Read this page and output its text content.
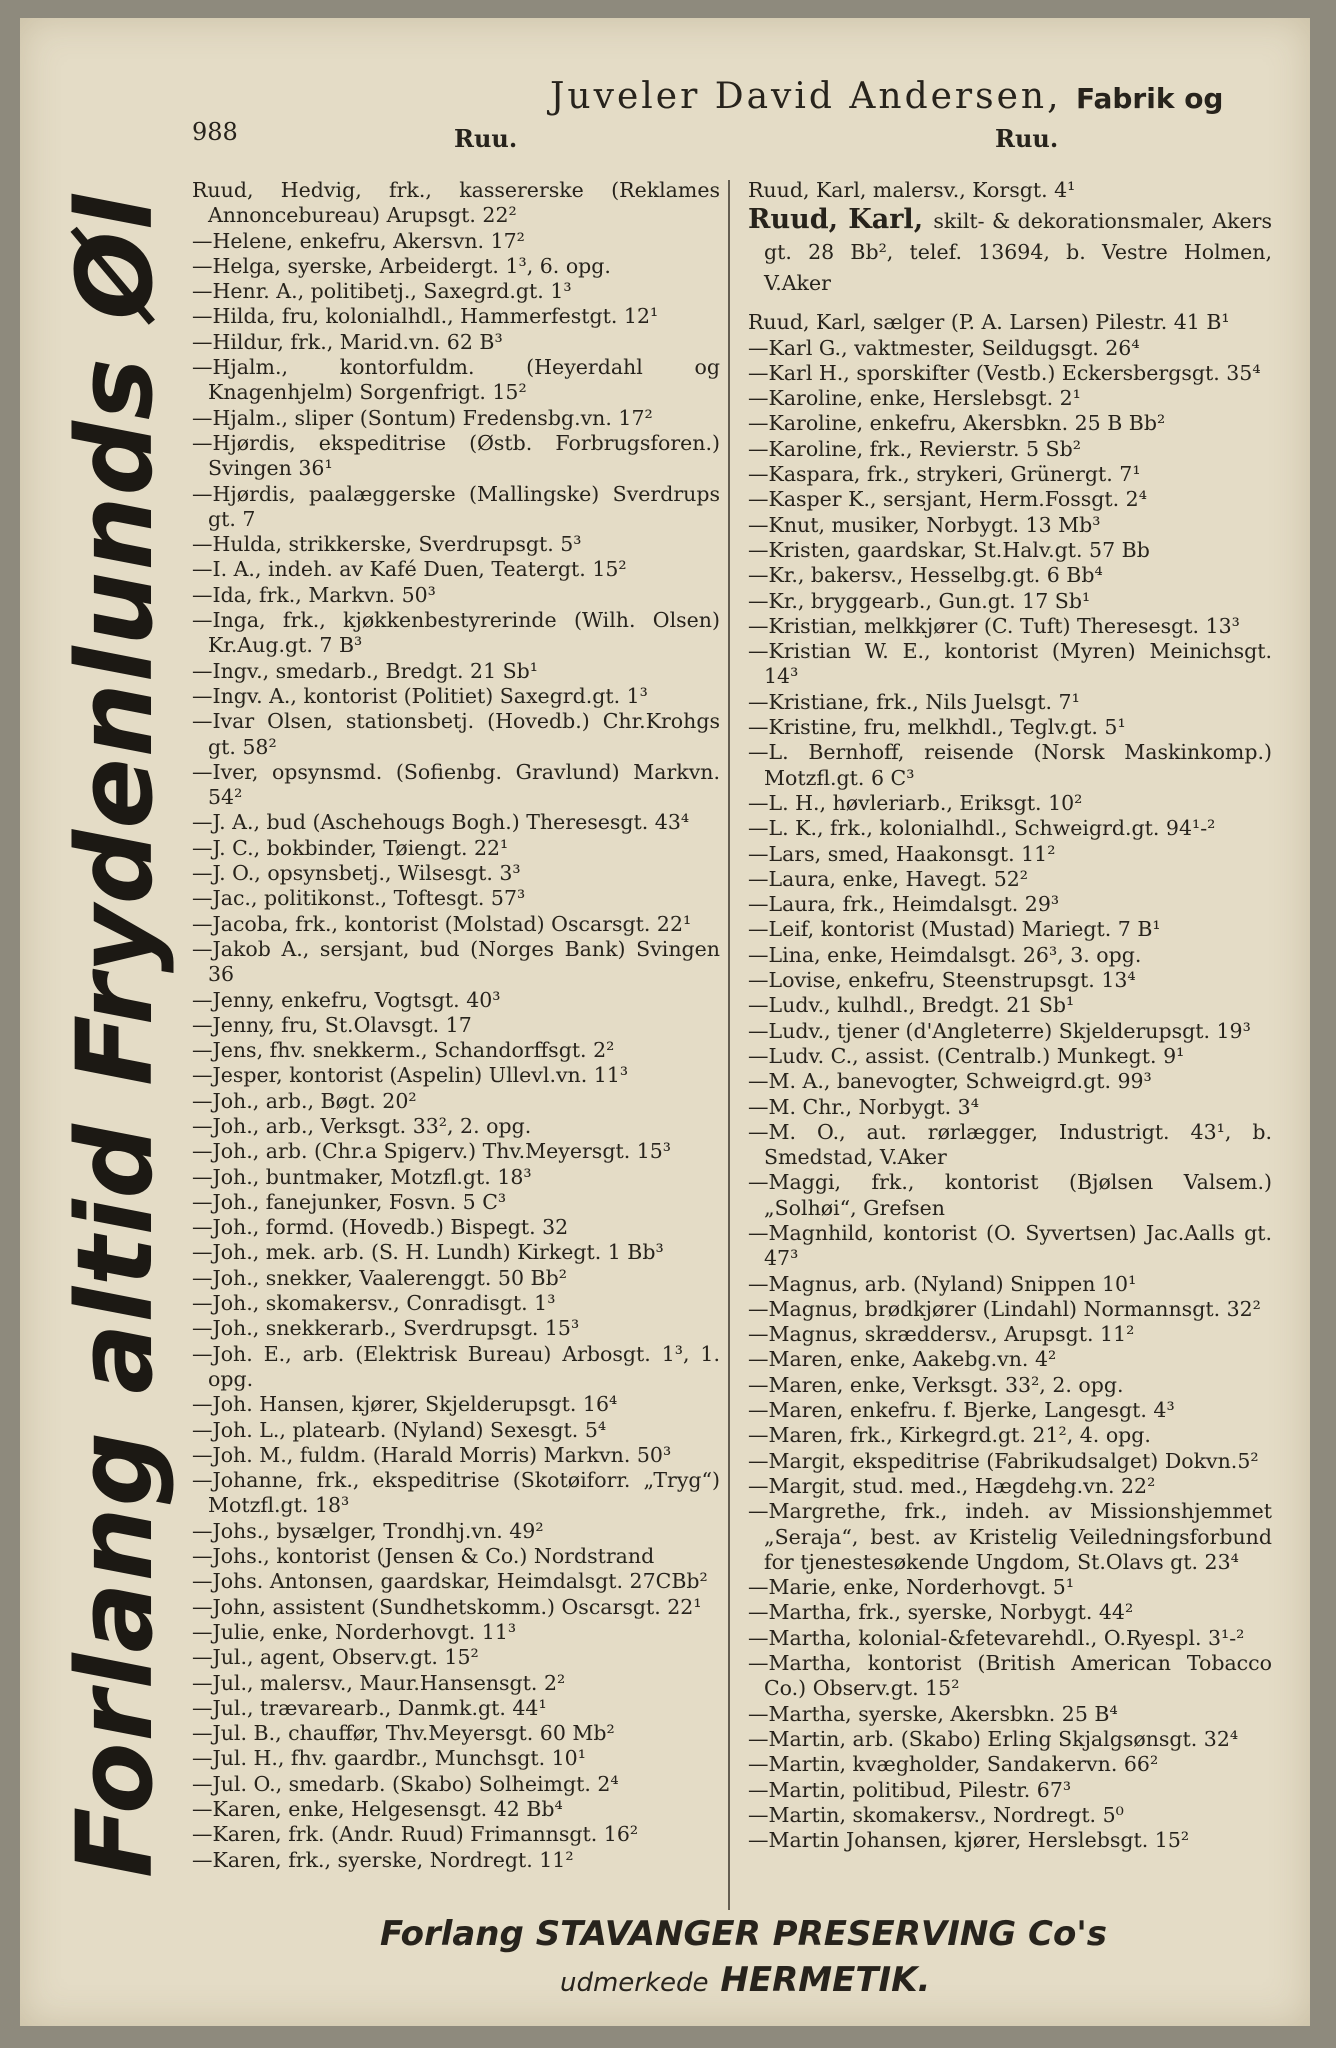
988
Juveler David Andersen, Fabrik og
Ruu.	Ruu.
Forlang altid Frydenlunds Øl
Ruud, Hedvig, frk., kassererske (Reklames Annoncebureau) Arupsgt. 22²
—Helene, enkefru, Akersvn. 17²
—Helga, syerske, Arbeidergt. 1³, 6. opg.
—Henr. A., politibetj., Saxegrd.gt. 1³
—Hilda, fru, kolonialhdl., Hammerfestgt. 12¹
—Hildur, frk., Marid.vn. 62 B³
—Hjalm., kontorfuldm. (Heyerdahl og Knagenhjelm) Sorgenfrigt. 15²
—Hjalm., sliper (Sontum) Fredensbg.vn. 17²
—Hjørdis, ekspeditrise (Østb. Forbrugsforen.) Svingen 36¹
—Hjørdis, paalæggerske (Mallingske) Sverdrups gt. 7
—Hulda, strikkerske, Sverdrupsgt. 5³
—I. A., indeh. av Kafé Duen, Teatergt. 15²
—Ida, frk., Markvn. 50³
—Inga, frk., kjøkkenbestyrerinde (Wilh. Olsen) Kr.Aug.gt. 7 B³
—Ingv., smedarb., Bredgt. 21 Sb¹
—Ingv. A., kontorist (Politiet) Saxegrd.gt. 1³
—Ivar Olsen, stationsbetj. (Hovedb.) Chr.Krohgs gt. 58²
—Iver, opsynsmd. (Sofienbg. Gravlund) Markvn. 54²
—J. A., bud (Aschehougs Bogh.) Theresesgt. 43⁴
—J. C., bokbinder, Tøiengt. 22¹
—J. O., opsynsbetj., Wilsesgt. 3³
—Jac., politikonst., Toftesgt. 57³
—Jacoba, frk., kontorist (Molstad) Oscarsgt. 22¹
—Jakob A., sersjant, bud (Norges Bank) Svingen 36
—Jenny, enkefru, Vogtsgt. 40³
—Jenny, fru, St.Olavsgt. 17
—Jens, fhv. snekkerm., Schandorffsgt. 2²
—Jesper, kontorist (Aspelin) Ullevl.vn. 11³
—Joh., arb., Bøgt. 20²
—Joh., arb., Verksgt. 33², 2. opg.
—Joh., arb. (Chr.a Spigerv.) Thv.Meyersgt. 15³
—Joh., buntmaker, Motzfl.gt. 18³
—Joh., fanejunker, Fosvn. 5 C³
—Joh., formd. (Hovedb.) Bispegt. 32
—Joh., mek. arb. (S. H. Lundh) Kirkegt. 1 Bb³
—Joh., snekker, Vaalerenggt. 50 Bb²
—Joh., skomakersv., Conradisgt. 1³
—Joh., snekkerarb., Sverdrupsgt. 15³
—Joh. E., arb. (Elektrisk Bureau) Arbosgt. 1³, 1. opg.
—Joh. Hansen, kjører, Skjelderupsgt. 16⁴
—Joh. L., platearb. (Nyland) Sexesgt. 5⁴
—Joh. M., fuldm. (Harald Morris) Markvn. 50³
—Johanne, frk., ekspeditrise (Skotøiforr. „Tryg“) Motzfl.gt. 18³
—Johs., bysælger, Trondhj.vn. 49²
—Johs., kontorist (Jensen & Co.) Nordstrand
—Johs. Antonsen, gaardskar, Heimdalsgt. 27CBb²
—John, assistent (Sundhetskomm.) Oscarsgt. 22¹
—Julie, enke, Norderhovgt. 11³
—Jul., agent, Observ.gt. 15²
—Jul., malersv., Maur.Hansensgt. 2²
—Jul., trævarearb., Danmk.gt. 44¹
—Jul. B., chauffør, Thv.Meyersgt. 60 Mb²
—Jul. H., fhv. gaardbr., Munchsgt. 10¹
—Jul. O., smedarb. (Skabo) Solheimgt. 2⁴
—Karen, enke, Helgesensgt. 42 Bb⁴
—Karen, frk. (Andr. Ruud) Frimannsgt. 16²
—Karen, frk., syerske, Nordregt. 11²
Ruud, Karl, malersv., Korsgt. 4¹
Ruud, Karl, skilt- & dekorationsmaler, Akers gt. 28 Bb², telef. 13694, b. Vestre Holmen, V.Aker
Ruud, Karl, sælger (P. A. Larsen) Pilestr. 41 B¹
—Karl G., vaktmester, Seildugsgt. 26⁴
—Karl H., sporskifter (Vestb.) Eckersbergsgt. 35⁴
—Karoline, enke, Herslebsgt. 2¹
—Karoline, enkefru, Akersbkn. 25 B Bb²
—Karoline, frk., Revierstr. 5 Sb²
—Kaspara, frk., strykeri, Grünergt. 7¹
—Kasper K., sersjant, Herm.Fossgt. 2⁴
—Knut, musiker, Norbygt. 13 Mb³
—Kristen, gaardskar, St.Halv.gt. 57 Bb
—Kr., bakersv., Hesselbg.gt. 6 Bb⁴
—Kr., bryggearb., Gun.gt. 17 Sb¹
—Kristian, melkkjører (C. Tuft) Theresesgt. 13³
—Kristian W. E., kontorist (Myren) Meinichsgt. 14³
—Kristiane, frk., Nils Juelsgt. 7¹
—Kristine, fru, melkhdl., Teglv.gt. 5¹
—L. Bernhoff, reisende (Norsk Maskinkomp.) Motzfl.gt. 6 C³
—L. H., høvleriarb., Eriksgt. 10²
—L. K., frk., kolonialhdl., Schweigrd.gt. 94¹‑²
—Lars, smed, Haakonsgt. 11²
—Laura, enke, Havegt. 52²
—Laura, frk., Heimdalsgt. 29³
—Leif, kontorist (Mustad) Mariegt. 7 B¹
—Lina, enke, Heimdalsgt. 26³, 3. opg.
—Lovise, enkefru, Steenstrupsgt. 13⁴
—Ludv., kulhdl., Bredgt. 21 Sb¹
—Ludv., tjener (d'Angleterre) Skjelderupsgt. 19³
—Ludv. C., assist. (Centralb.) Munkegt. 9¹
—M. A., banevogter, Schweigrd.gt. 99³
—M. Chr., Norbygt. 3⁴
—M. O., aut. rørlægger, Industrigt. 43¹, b. Smedstad, V.Aker
—Maggi, frk., kontorist (Bjølsen Valsem.) „Solhøi“, Grefsen
—Magnhild, kontorist (O. Syvertsen) Jac.Aalls gt. 47³
—Magnus, arb. (Nyland) Snippen 10¹
—Magnus, brødkjører (Lindahl) Normannsgt. 32²
—Magnus, skræddersv., Arupsgt. 11²
—Maren, enke, Aakebg.vn. 4²
—Maren, enke, Verksgt. 33², 2. opg.
—Maren, enkefru. f. Bjerke, Langesgt. 4³
—Maren, frk., Kirkegrd.gt. 21², 4. opg.
—Margit, ekspeditrise (Fabrikudsalget) Dokvn.5²
—Margit, stud. med., Hægdehg.vn. 22²
—Margrethe, frk., indeh. av Missionshjemmet „Seraja“, best. av Kristelig Veiledningsforbund for tjenestesøkende Ungdom, St.Olavs gt. 23⁴
—Marie, enke, Norderhovgt. 5¹
—Martha, frk., syerske, Norbygt. 44²
—Martha, kolonial-&fetevarehdl., O.Ryespl. 3¹‑²
—Martha, kontorist (British American Tobacco Co.) Observ.gt. 15²
—Martha, syerske, Akersbkn. 25 B⁴
—Martin, arb. (Skabo) Erling Skjalgsønsgt. 32⁴
—Martin, kvægholder, Sandakervn. 66²
—Martin, politibud, Pilestr. 67³
—Martin, skomakersv., Nordregt. 5⁰
—Martin Johansen, kjører, Herslebsgt. 15²
Forlang STAVANGER PRESERVING Co's
udmerkede HERMETIK.
